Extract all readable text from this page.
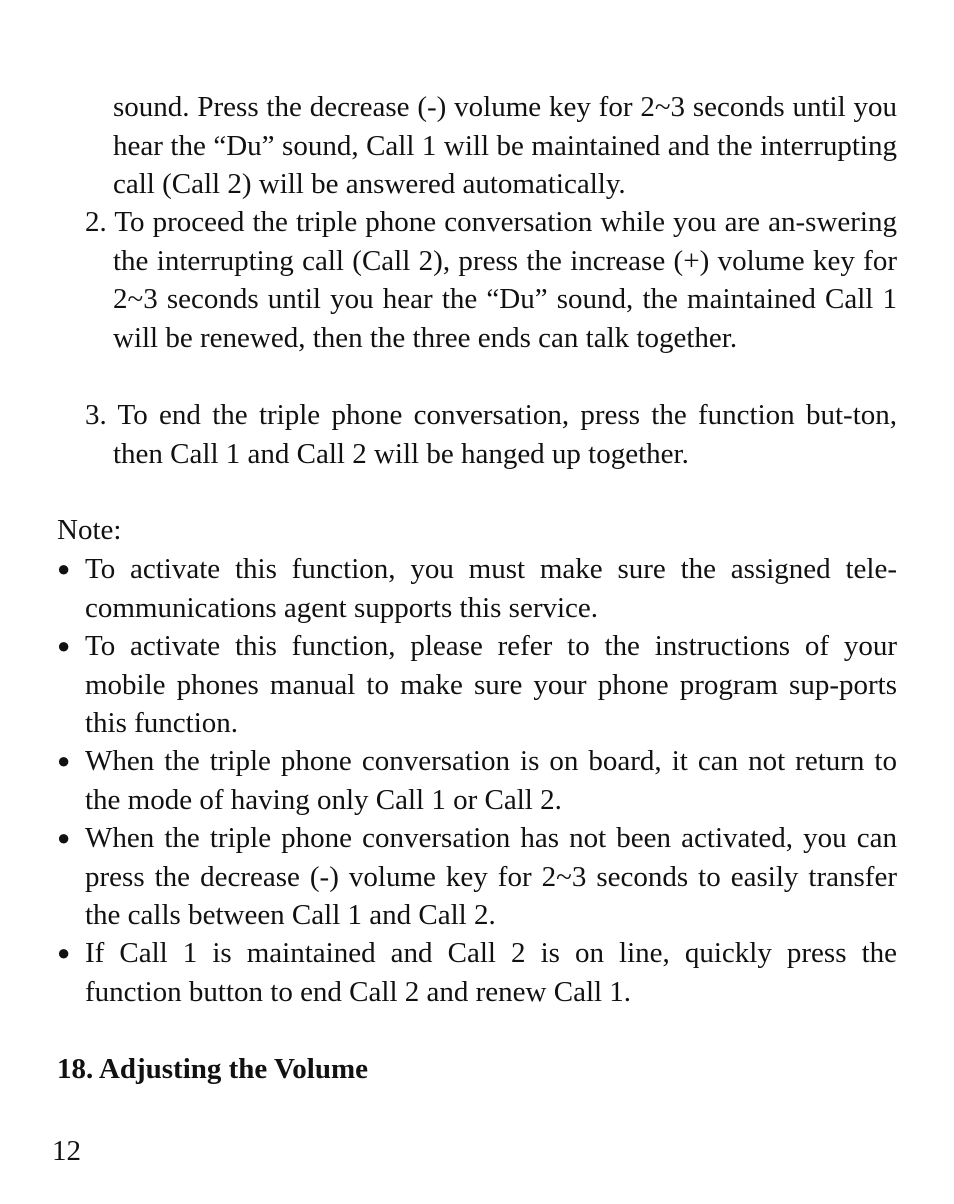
sound. Press the decrease (-) volume key for 2~3 seconds until you hear the “Du” sound, Call 1 will be maintained and the interrupting call (Call 2) will be answered automatically.

2. To proceed the triple phone conversation while you are an-swering the interrupting call (Call 2), press the increase (+) volume key for 2~3 seconds until you hear the “Du” sound, the maintained Call 1 will be renewed, then the three ends can talk together.

3. To end the triple phone conversation, press the function but-ton, then Call 1 and Call 2 will be hanged up together.

Note:

● To activate this function, you must make sure the assigned tele-communications agent supports this service.
● To activate this function, please refer to the instructions of your mobile phones manual to make sure your phone program sup-ports this function.
● When the triple phone conversation is on board, it can not return to the mode of having only Call 1 or Call 2.
● When the triple phone conversation has not been activated, you can press the decrease (-) volume key for 2~3 seconds to easily transfer the calls between Call 1 and Call 2.
● If Call 1 is maintained and Call 2 is on line, quickly press the function button to end Call 2 and renew Call 1.
18. Adjusting the Volume

12
